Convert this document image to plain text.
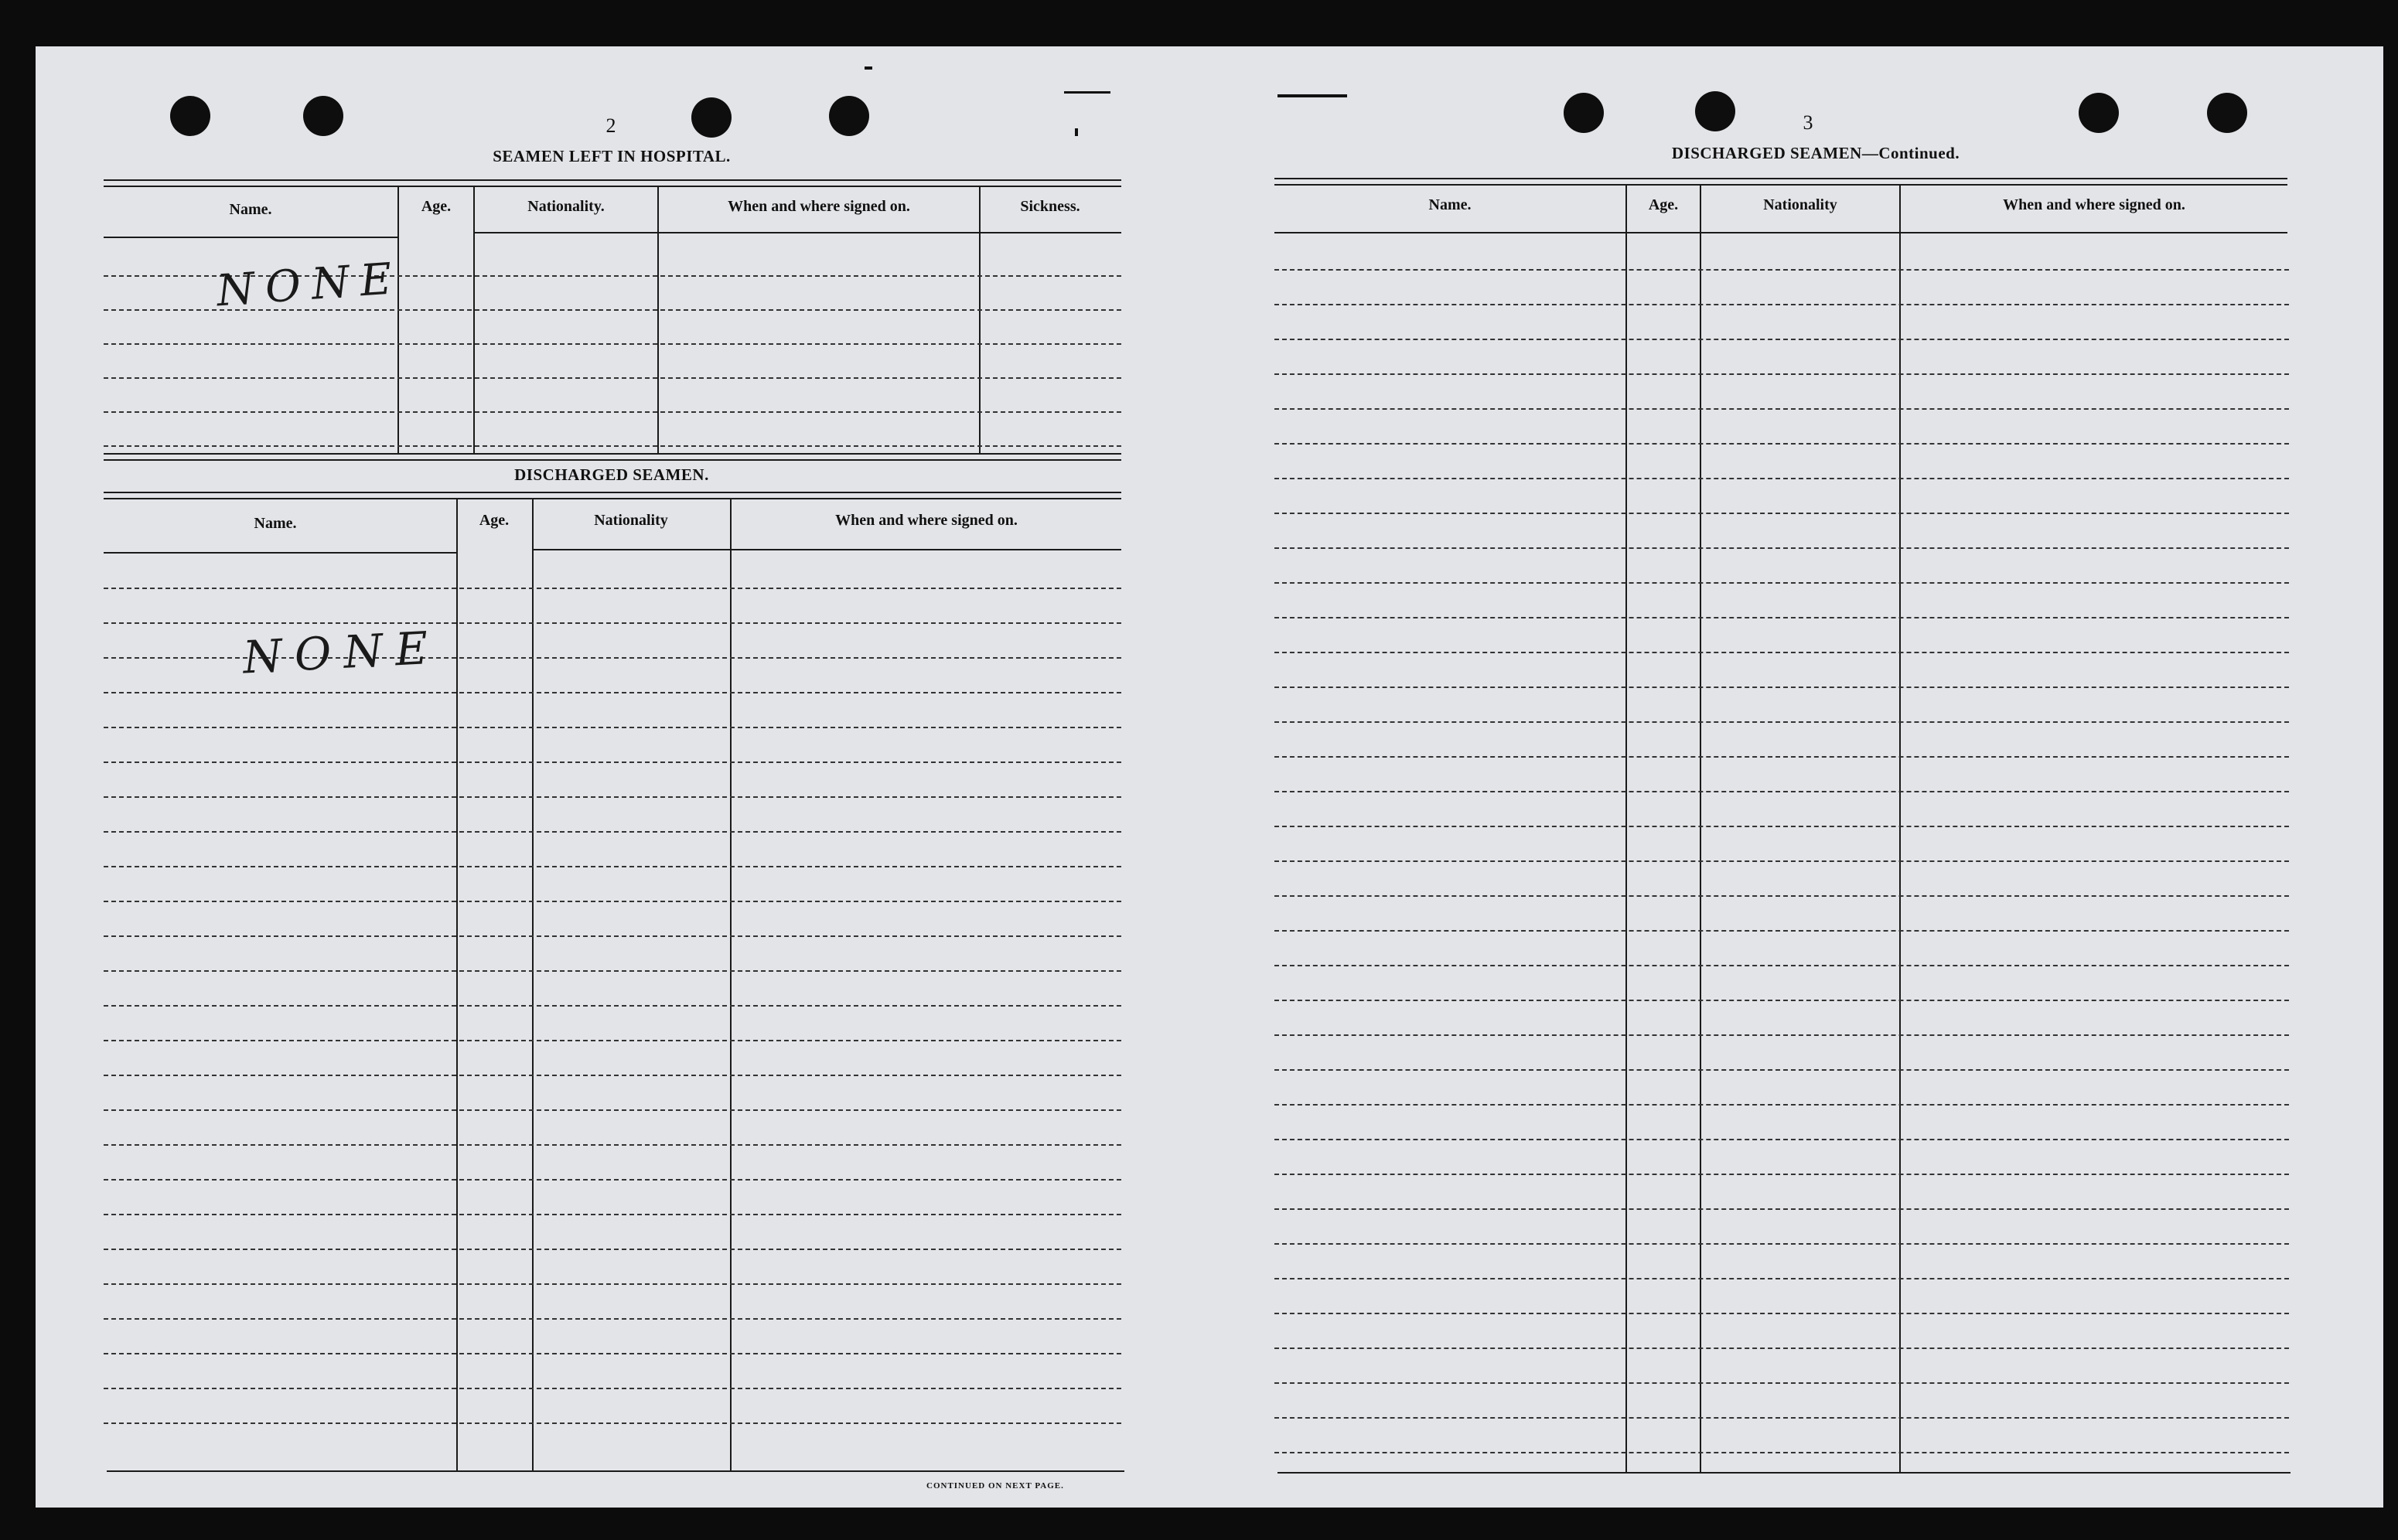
2
SEAMEN LEFT IN HOSPITAL.
Name.	Age.	Nationality.	When and where signed on.	Sickness.
NONE
DISCHARGED SEAMEN.
Name.	Age.	Nationality	When and where signed on.
NONE
CONTINUED ON NEXT PAGE.
3
DISCHARGED SEAMEN—Continued.
Name.	Age.	Nationality	When and where signed on.
